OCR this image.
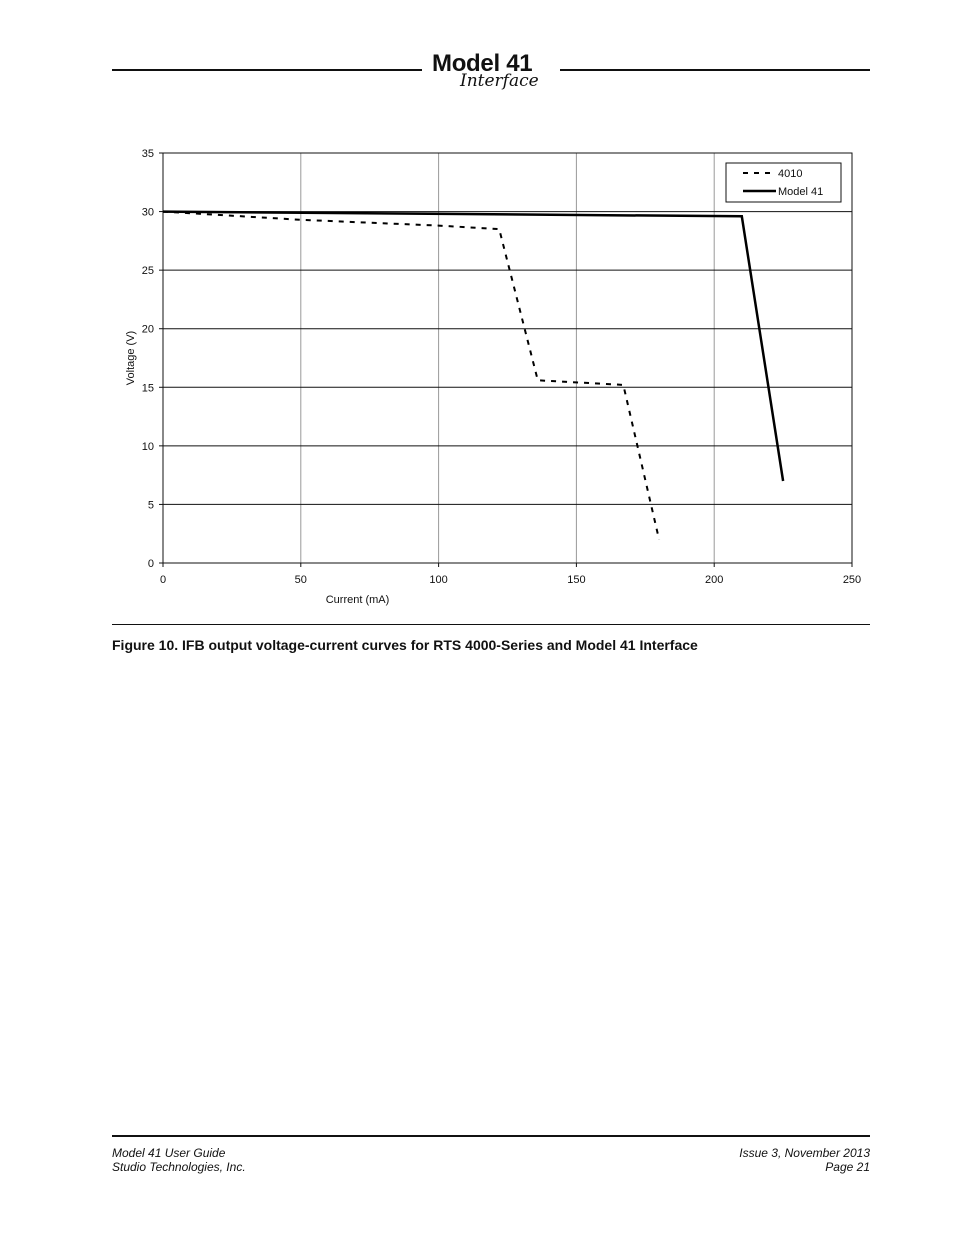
Model 41
Interface
0	50	100	150	200	250
0
5
10
15
20
25
30
35
Current (mA)
Voltage (V)
4010
Model 41
Figure 10. IFB output voltage-current curves for RTS 4000-Series and Model 41 Interface
Model 41 User Guide
Studio Technologies, Inc.
Issue 3, November 2013
Page 21
